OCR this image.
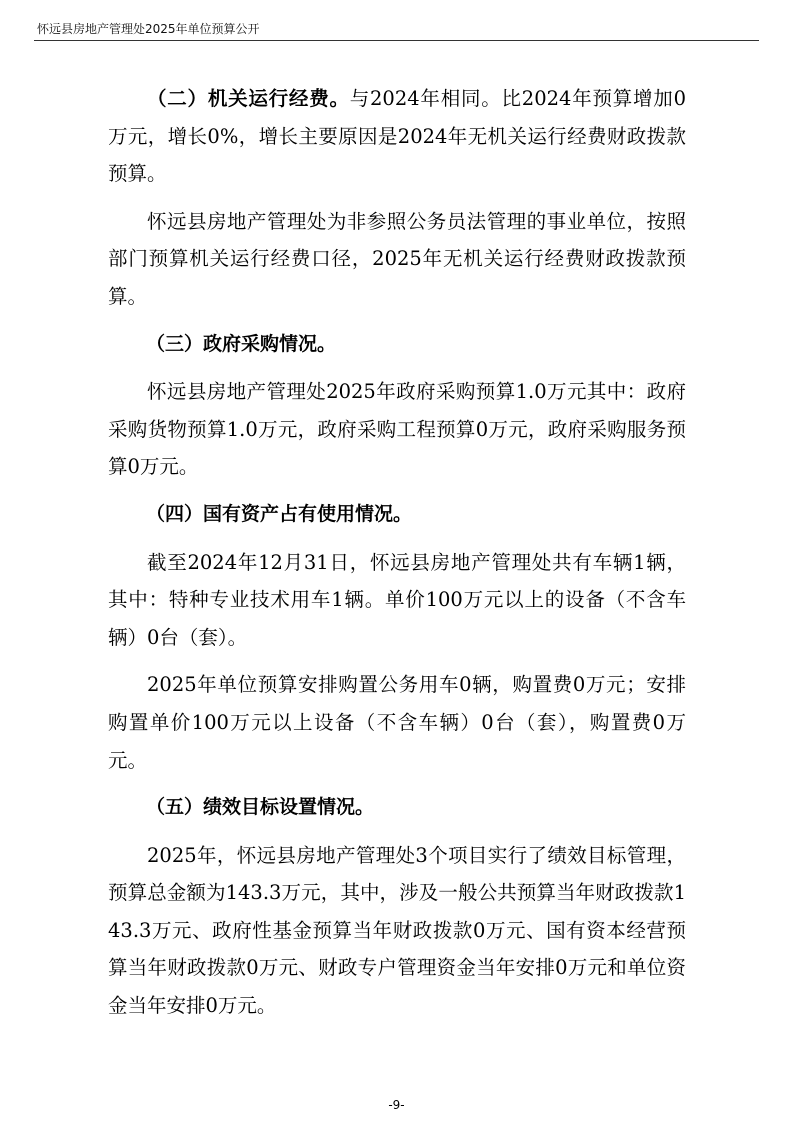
怀远县房地产管理处2025年单位预算公开

（二）机关运行经费。与2024年相同。比2024年预算增加0万元，增长0%，增长主要原因是2024年无机关运行经费财政拨款预算。

怀远县房地产管理处为非参照公务员法管理的事业单位，按照部门预算机关运行经费口径，2025年无机关运行经费财政拨款预算。

（三）政府采购情况。

怀远县房地产管理处2025年政府采购预算1.0万元其中：政府采购货物预算1.0万元，政府采购工程预算0万元，政府采购服务预算0万元。

（四）国有资产占有使用情况。

截至2024年12月31日，怀远县房地产管理处共有车辆1辆，其中：特种专业技术用车1辆。单价100万元以上的设备（不含车辆）0台（套）。

2025年单位预算安排购置公务用车0辆，购置费0万元；安排购置单价100万元以上设备（不含车辆）0台（套），购置费0万元。

（五）绩效目标设置情况。

2025年，怀远县房地产管理处3个项目实行了绩效目标管理，预算总金额为143.3万元，其中，涉及一般公共预算当年财政拨款143.3万元、政府性基金预算当年财政拨款0万元、国有资本经营预算当年财政拨款0万元、财政专户管理资金当年安排0万元和单位资金当年安排0万元。

-9-
